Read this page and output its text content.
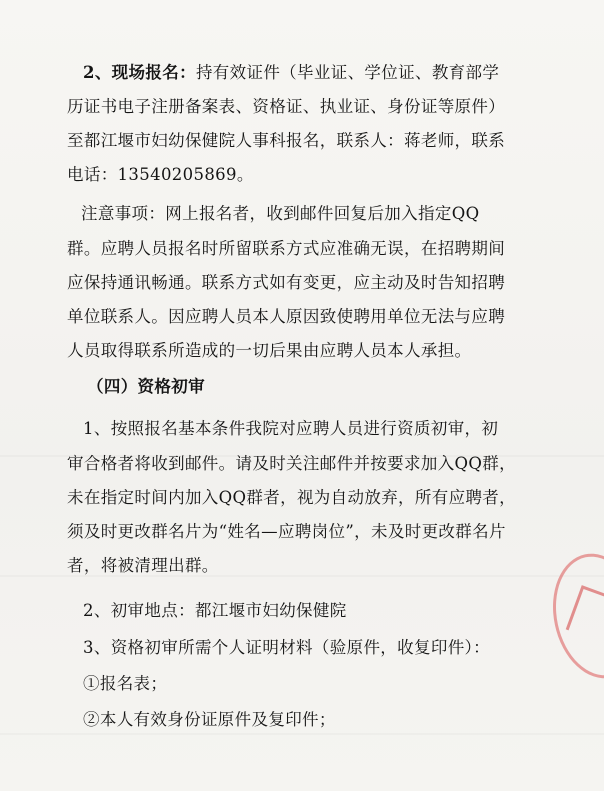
2、现场报名：持有效证件（毕业证、学位证、教育部学
历证书电子注册备案表、资格证、执业证、身份证等原件）
至都江堰市妇幼保健院人事科报名，联系人：蒋老师，联系
电话：13540205869。
注意事项：网上报名者，收到邮件回复后加入指定QQ
群。应聘人员报名时所留联系方式应准确无误，在招聘期间
应保持通讯畅通。联系方式如有变更，应主动及时告知招聘
单位联系人。因应聘人员本人原因致使聘用单位无法与应聘
人员取得联系所造成的一切后果由应聘人员本人承担。
（四）资格初审
1、按照报名基本条件我院对应聘人员进行资质初审，初
审合格者将收到邮件。请及时关注邮件并按要求加入QQ群，
未在指定时间内加入QQ群者，视为自动放弃，所有应聘者，
须及时更改群名片为“姓名—应聘岗位”，未及时更改群名片
者，将被清理出群。
2、初审地点：都江堰市妇幼保健院
3、资格初审所需个人证明材料（验原件，收复印件）：
①报名表；
②本人有效身份证原件及复印件；
